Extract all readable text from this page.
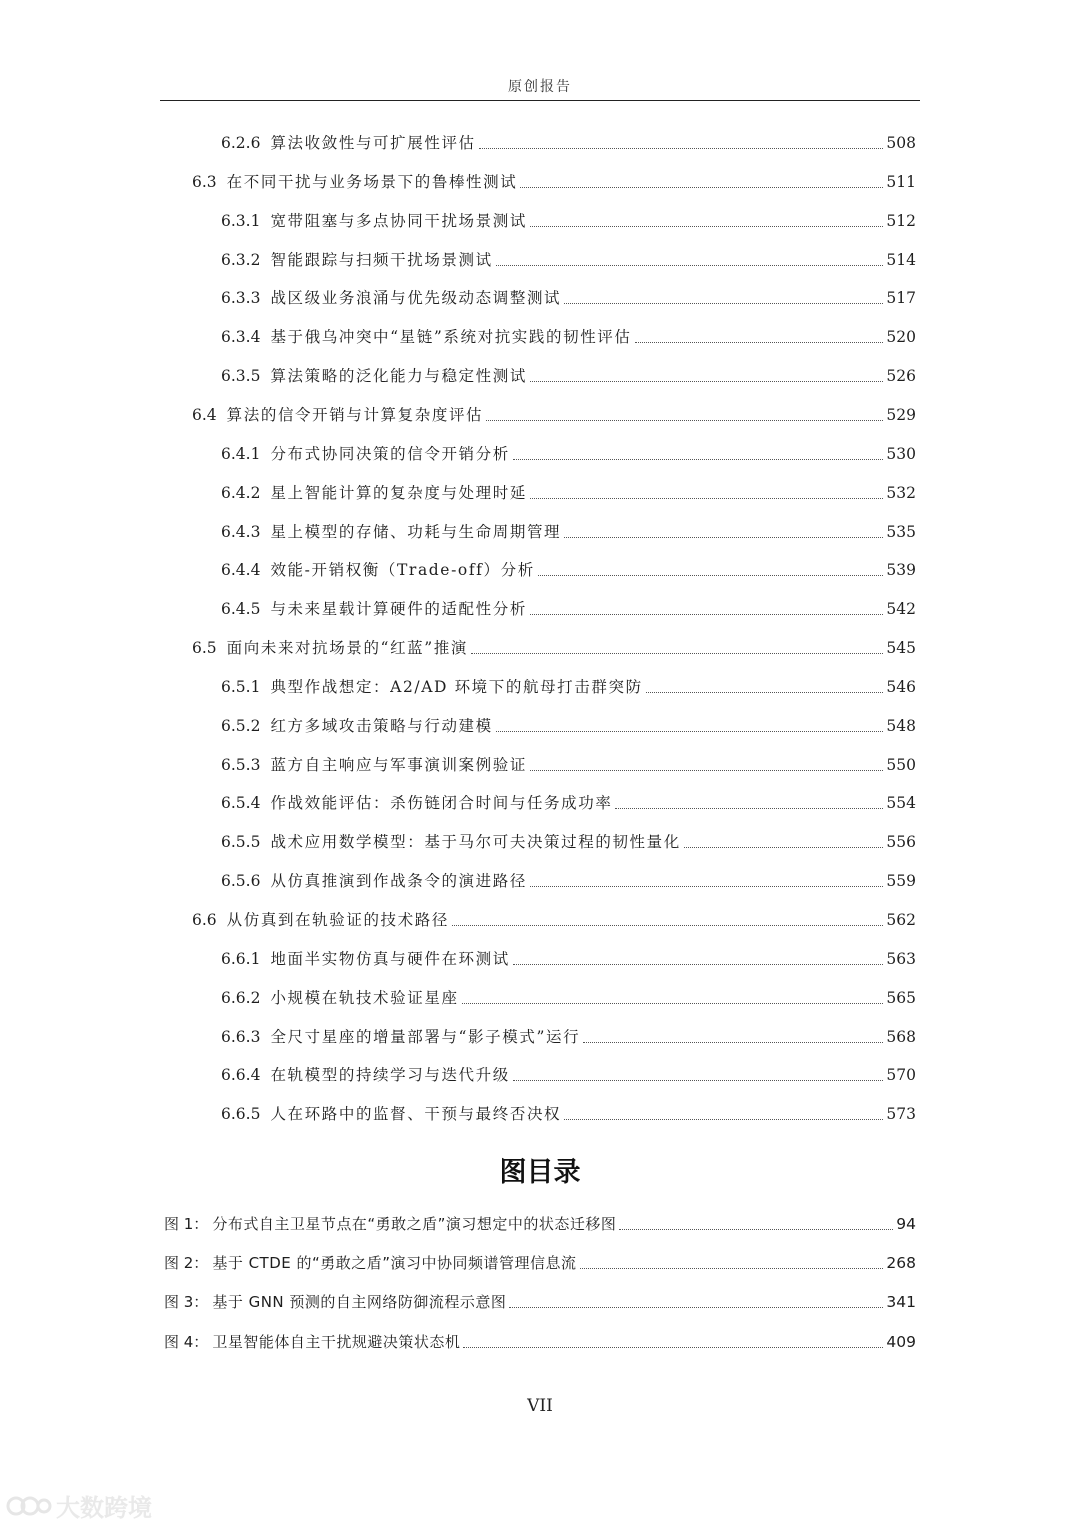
原创报告
6.2.6 算法收敛性与可扩展性评估	508
6.3 在不同干扰与业务场景下的鲁棒性测试	511
6.3.1 宽带阻塞与多点协同干扰场景测试	512
6.3.2 智能跟踪与扫频干扰场景测试	514
6.3.3 战区级业务浪涌与优先级动态调整测试	517
6.3.4 基于俄乌冲突中“星链”系统对抗实践的韧性评估	520
6.3.5 算法策略的泛化能力与稳定性测试	526
6.4 算法的信令开销与计算复杂度评估	529
6.4.1 分布式协同决策的信令开销分析	530
6.4.2 星上智能计算的复杂度与处理时延	532
6.4.3 星上模型的存储、功耗与生命周期管理	535
6.4.4 效能-开销权衡（Trade-off）分析	539
6.4.5 与未来星载计算硬件的适配性分析	542
6.5 面向未来对抗场景的“红蓝”推演	545
6.5.1 典型作战想定：A2/AD 环境下的航母打击群突防	546
6.5.2 红方多域攻击策略与行动建模	548
6.5.3 蓝方自主响应与军事演训案例验证	550
6.5.4 作战效能评估：杀伤链闭合时间与任务成功率	554
6.5.5 战术应用数学模型：基于马尔可夫决策过程的韧性量化	556
6.5.6 从仿真推演到作战条令的演进路径	559
6.6 从仿真到在轨验证的技术路径	562
6.6.1 地面半实物仿真与硬件在环测试	563
6.6.2 小规模在轨技术验证星座	565
6.6.3 全尺寸星座的增量部署与“影子模式”运行	568
6.6.4 在轨模型的持续学习与迭代升级	570
6.6.5 人在环路中的监督、干预与最终否决权	573
图目录
图 1： 分布式自主卫星节点在“勇敢之盾”演习想定中的状态迁移图	94
图 2： 基于 CTDE 的“勇敢之盾”演习中协同频谱管理信息流	268
图 3： 基于 GNN 预测的自主网络防御流程示意图	341
图 4： 卫星智能体自主干扰规避决策状态机	409
VII
大数跨境
